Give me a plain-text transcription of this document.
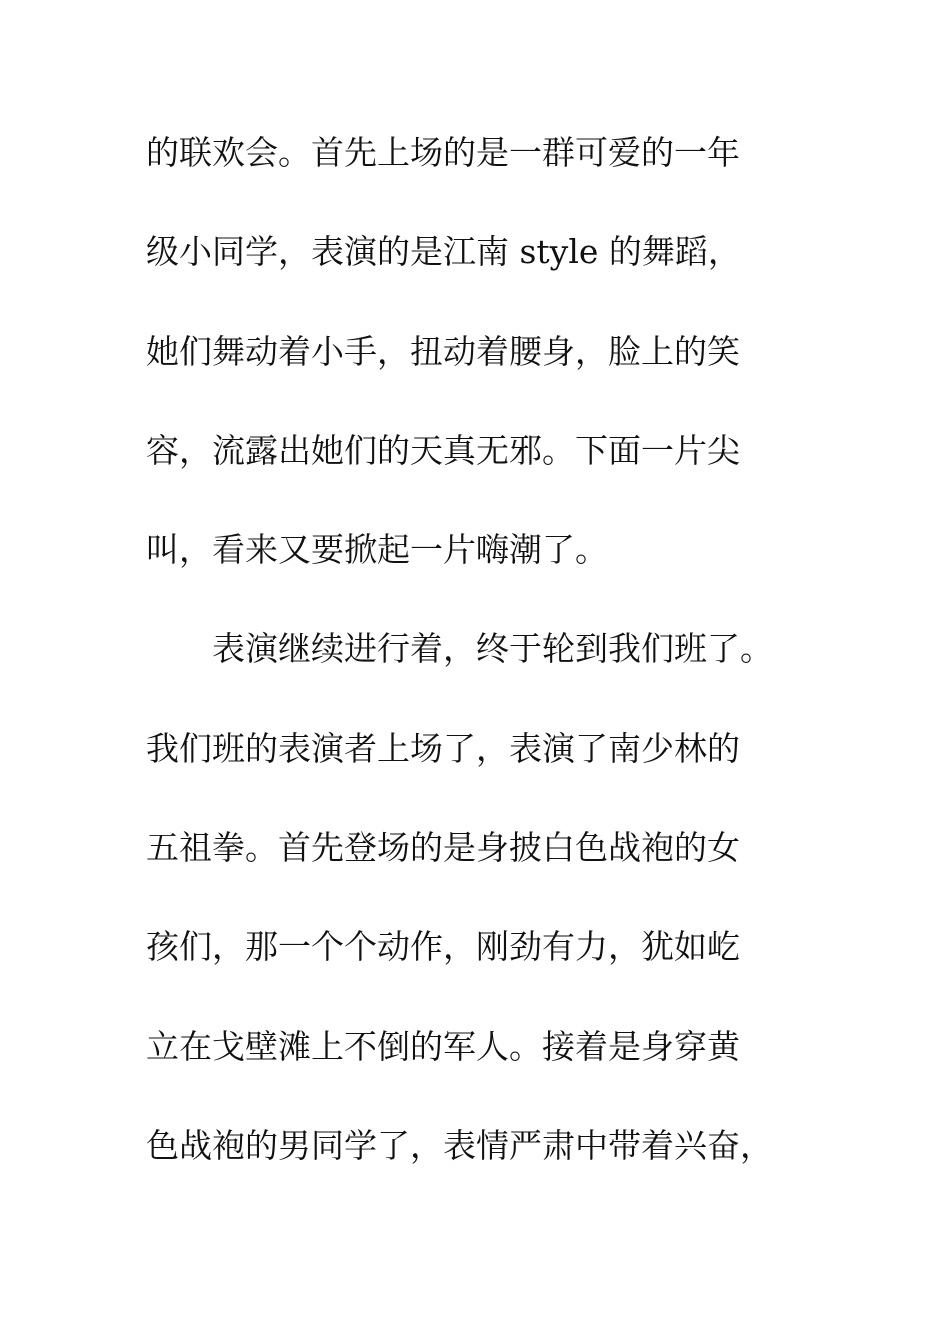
的联欢会。首先上场的是一群可爱的一年
级小同学，表演的是江南 style 的舞蹈，
她们舞动着小手，扭动着腰身，脸上的笑
容，流露出她们的天真无邪。下面一片尖
叫，看来又要掀起一片嗨潮了。
　　表演继续进行着，终于轮到我们班了。
我们班的表演者上场了，表演了南少林的
五祖拳。首先登场的是身披白色战袍的女
孩们，那一个个动作，刚劲有力，犹如屹
立在戈壁滩上不倒的军人。接着是身穿黄
色战袍的男同学了，表情严肃中带着兴奋，
